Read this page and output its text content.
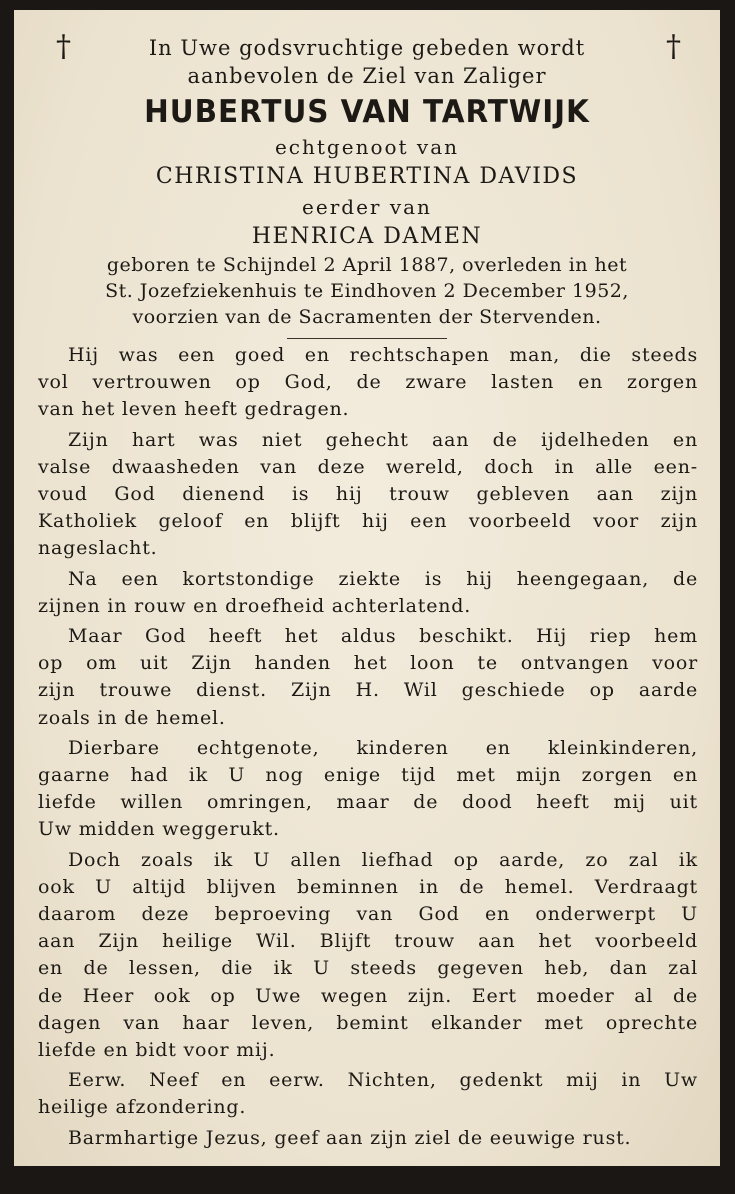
†	†
In Uwe godsvruchtige gebeden wordt
aanbevolen de Ziel van Zaliger
HUBERTUS VAN TARTWIJK
echtgenoot van
CHRISTINA HUBERTINA DAVIDS
eerder van
HENRICA DAMEN
geboren te Schijndel 2 April 1887, overleden in het
St. Jozefziekenhuis te Eindhoven 2 December 1952,
voorzien van de Sacramenten der Stervenden.
Hij was een goed en rechtschapen man, die steeds
vol vertrouwen op God, de zware lasten en zorgen
van het leven heeft gedragen.
Zijn hart was niet gehecht aan de ijdelheden en
valse dwaasheden van deze wereld, doch in alle een-
voud God dienend is hij trouw gebleven aan zijn
Katholiek geloof en blijft hij een voorbeeld voor zijn
nageslacht.
Na een kortstondige ziekte is hij heengegaan, de
zijnen in rouw en droefheid achterlatend.
Maar God heeft het aldus beschikt. Hij riep hem
op om uit Zijn handen het loon te ontvangen voor
zijn trouwe dienst. Zijn H. Wil geschiede op aarde
zoals in de hemel.
Dierbare echtgenote, kinderen en kleinkinderen,
gaarne had ik U nog enige tijd met mijn zorgen en
liefde willen omringen, maar de dood heeft mij uit
Uw midden weggerukt.
Doch zoals ik U allen liefhad op aarde, zo zal ik
ook U altijd blijven beminnen in de hemel. Verdraagt
daarom deze beproeving van God en onderwerpt U
aan Zijn heilige Wil. Blijft trouw aan het voorbeeld
en de lessen, die ik U steeds gegeven heb, dan zal
de Heer ook op Uwe wegen zijn. Eert moeder al de
dagen van haar leven, bemint elkander met oprechte
liefde en bidt voor mij.
Eerw. Neef en eerw. Nichten, gedenkt mij in Uw
heilige afzondering.
Barmhartige Jezus, geef aan zijn ziel de eeuwige rust.
